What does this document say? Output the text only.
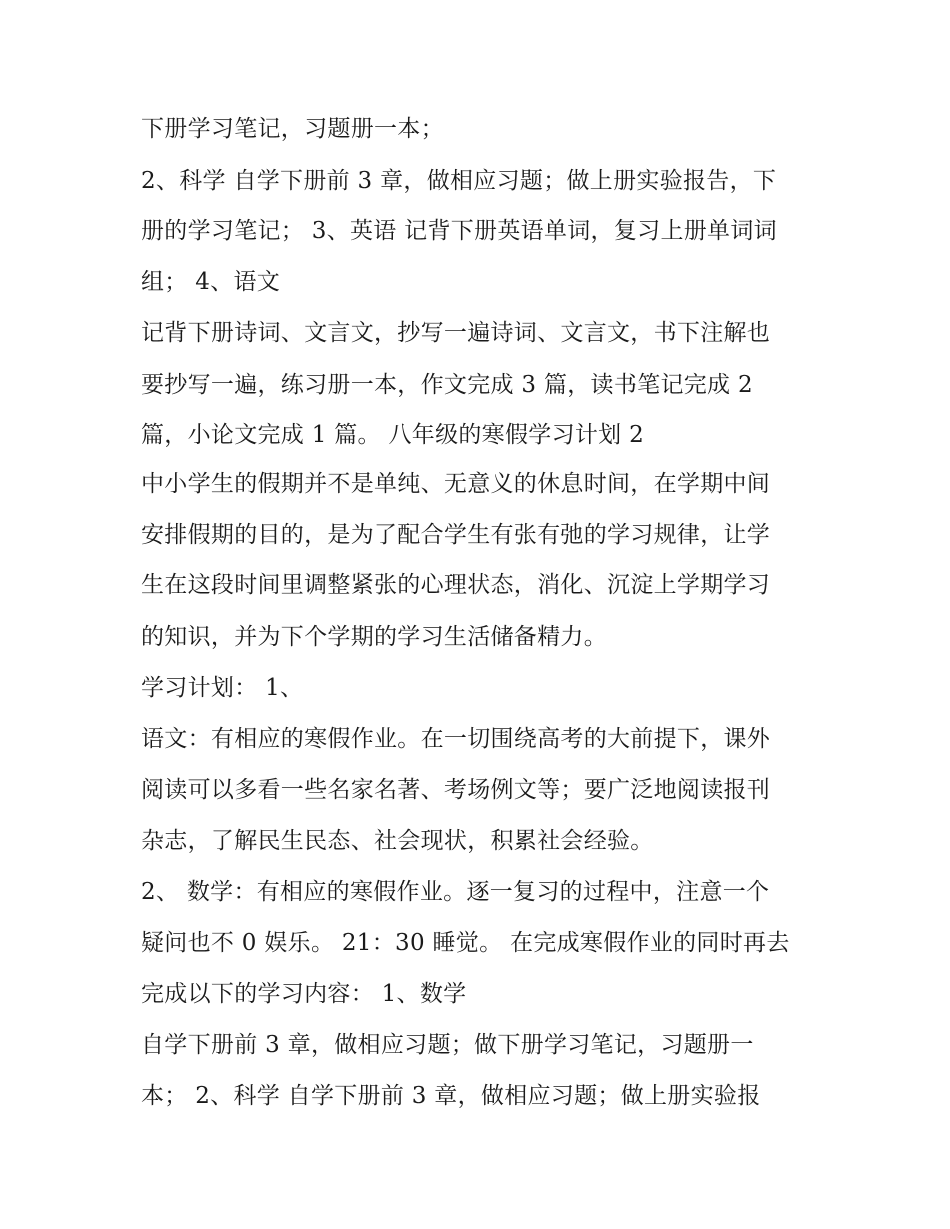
下册学习笔记，习题册一本；
2、科学 自学下册前 3 章，做相应习题；做上册实验报告，下
册的学习笔记； 3、英语 记背下册英语单词，复习上册单词词
组； 4、语文
记背下册诗词、文言文，抄写一遍诗词、文言文，书下注解也
要抄写一遍，练习册一本，作文完成 3 篇，读书笔记完成 2
篇，小论文完成 1 篇。 八年级的寒假学习计划 2
中小学生的假期并不是单纯、无意义的休息时间，在学期中间
安排假期的目的，是为了配合学生有张有弛的学习规律，让学
生在这段时间里调整紧张的心理状态，消化、沉淀上学期学习
的知识，并为下个学期的学习生活储备精力。
学习计划： 1、
语文：有相应的寒假作业。在一切围绕高考的大前提下，课外
阅读可以多看一些名家名著、考场例文等；要广泛地阅读报刊
杂志，了解民生民态、社会现状，积累社会经验。
2、 数学：有相应的寒假作业。逐一复习的过程中，注意一个
疑问也不 0 娱乐。 21：30 睡觉。 在完成寒假作业的同时再去
完成以下的学习内容： 1、数学
自学下册前 3 章，做相应习题；做下册学习笔记，习题册一
本； 2、科学 自学下册前 3 章，做相应习题；做上册实验报
